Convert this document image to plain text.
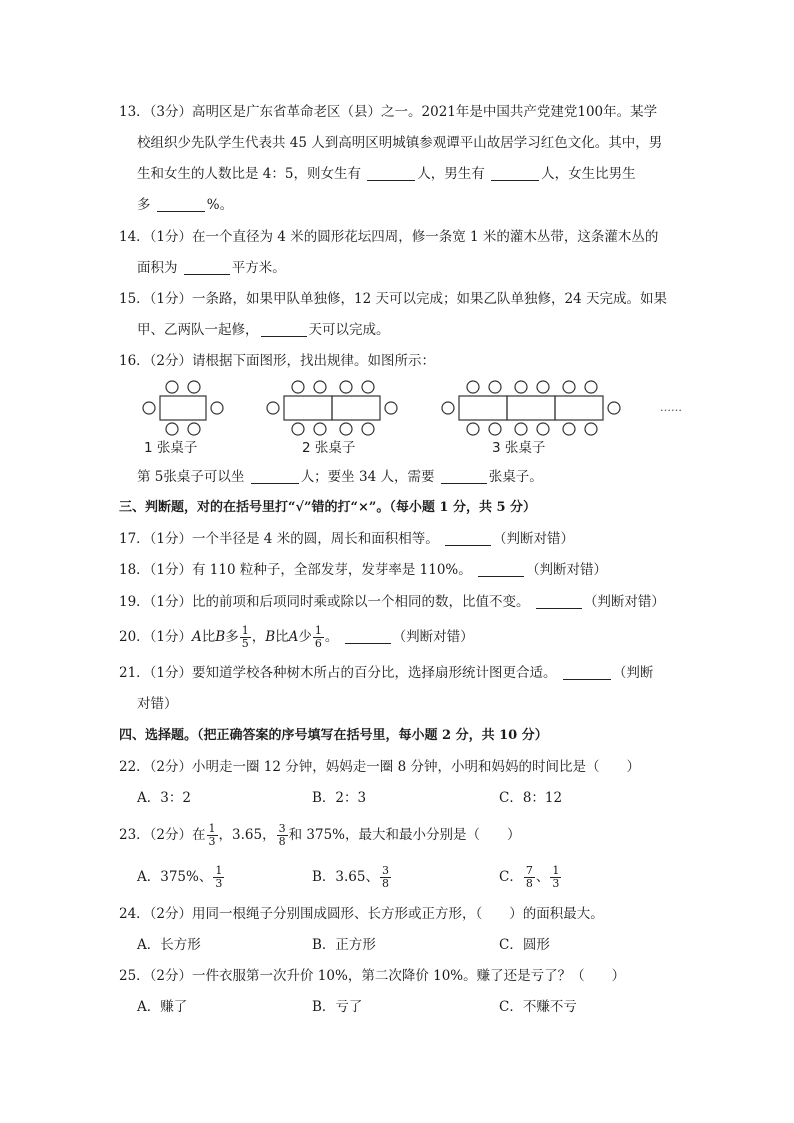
13．（3分）高明区是广东省革命老区（县）之一。2021年是中国共产党建党100年。某学
校组织少先队学生代表共 45 人到高明区明城镇参观谭平山故居学习红色文化。其中，男
生和女生的人数比是 4：5，则女生有	人，男生有	人，女生比男生
多	%。
14．（1分）在一个直径为 4 米的圆形花坛四周，修一条宽 1 米的灌木丛带，这条灌木丛的
面积为	平方米。
15．（1分）一条路，如果甲队单独修，12 天可以完成；如果乙队单独修，24 天完成。如果
甲、乙两队一起修，	天可以完成。
16．（2分）请根据下面图形，找出规律。如图所示：
1 张桌子	2 张桌子	3 张桌子
……
第 5张桌子可以坐	人；要坐 34 人，需要	张桌子。
三、判断题，对的在括号里打“√”错的打“×”。（每小题 1 分，共 5 分）
17．（1分）一个半径是 4 米的圆，周长和面积相等。	（判断对错）
18．（1分）有 110 粒种子，全部发芽，发芽率是 110%。	（判断对错）
19．（1分）比的前项和后项同时乘或除以一个相同的数，比值不变。	（判断对错）
20．（1分）A比B多 $\frac{1}{5}$ ，B比A少 $\frac{1}{6}$ 。	（判断对错）
21．（1分）要知道学校各种树木所占的百分比，选择扇形统计图更合适。	（判断
对错）
四、选择题。（把正确答案的序号填写在括号里，每小题 2 分，共 10 分）
22．（2分）小明走一圈 12 分钟，妈妈走一圈 8 分钟，小明和妈妈的时间比是（　　）
A．3：2	B．2：3	C．8：12
23．（2分）在 $\frac{1}{3}$ ，3.65， $\frac{3}{8}$ 和 375%，最大和最小分别是（　　）
A．375%、 $\frac{1}{3}$	B．3.65、 $\frac{3}{8}$	C． $\frac{7}{8}$ 、 $\frac{1}{3}$
24．（2分）用同一根绳子分别围成圆形、长方形或正方形，（　　）的面积最大。
A．长方形	B．正方形	C．圆形
25．（2分）一件衣服第一次升价 10%，第二次降价 10%。赚了还是亏了？（　　）
A．赚了	B．亏了	C．不赚不亏
